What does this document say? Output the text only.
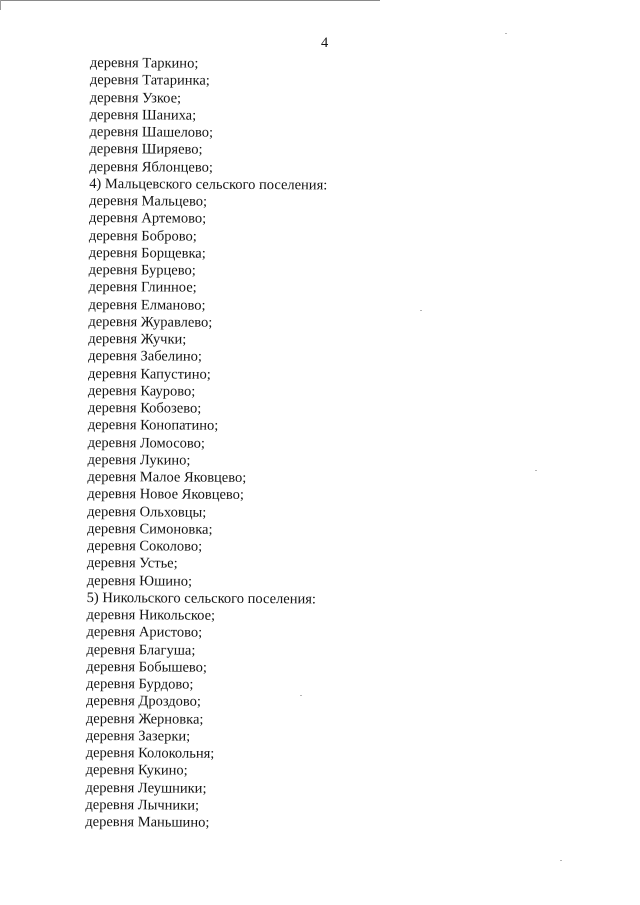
4
деревня Таркино;
деревня Татаринка;
деревня Узкое;
деревня Шаниха;
деревня Шашелово;
деревня Ширяево;
деревня Яблонцево;
4) Мальцевского сельского поселения:
деревня Мальцево;
деревня Артемово;
деревня Боброво;
деревня Борщевка;
деревня Бурцево;
деревня Глинное;
деревня Елманово;
деревня Журавлево;
деревня Жучки;
деревня Забелино;
деревня Капустино;
деревня Каурово;
деревня Кобозево;
деревня Конопатино;
деревня Ломосово;
деревня Лукино;
деревня Малое Яковцево;
деревня Новое Яковцево;
деревня Ольховцы;
деревня Симоновка;
деревня Соколово;
деревня Устье;
деревня Юшино;
5) Никольского сельского поселения:
деревня Никольское;
деревня Аристово;
деревня Благуша;
деревня Бобышево;
деревня Бурдово;
деревня Дроздово;
деревня Жерновка;
деревня Зазерки;
деревня Колокольня;
деревня Кукино;
деревня Леушники;
деревня Лычники;
деревня Маньшино;
